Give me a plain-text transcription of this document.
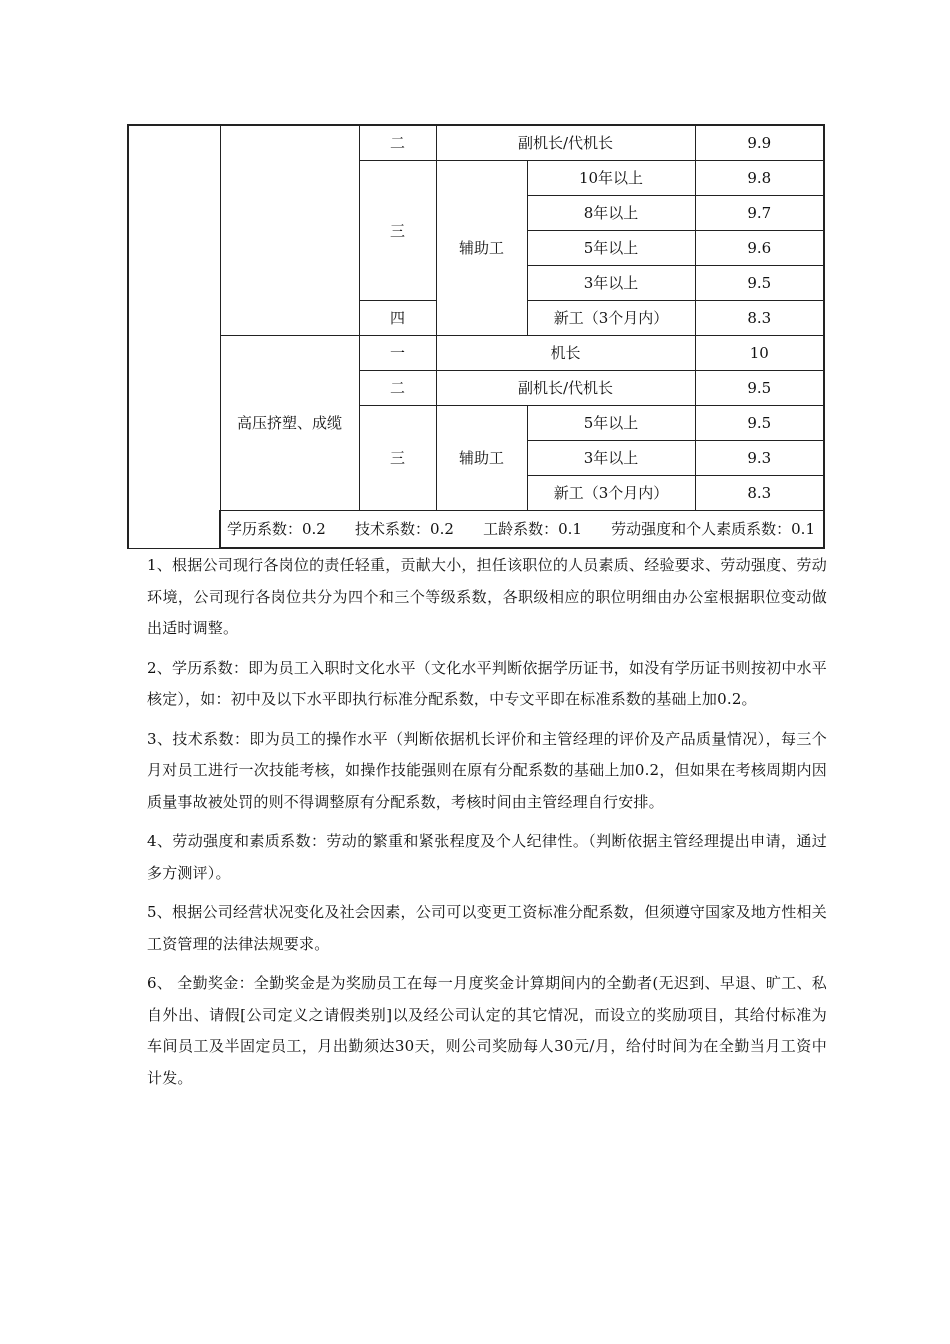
		二	副机长/代机长		9.9
		三	辅助工	10年以上	9.8
				8年以上	9.7
				5年以上	9.6
				3年以上	9.5
		四		新工（3个月内）	8.3
	高压挤塑、成缆	一	机长		10
		二	副机长/代机长		9.5
		三	辅助工	5年以上	9.5
				3年以上	9.3
				新工（3个月内）	8.3

	学历系数：0.2 技术系数：0.2 工龄系数：0.1 劳动强度和个人素质系数：0.1				

1、根据公司现行各岗位的责任轻重，贡献大小，担任该职位的人员素质、经验要求、劳动强度、劳动环境，公司现行各岗位共分为四个和三个等级系数，各职级相应的职位明细由办公室根据职位变动做出适时调整。

2、学历系数：即为员工入职时文化水平（文化水平判断依据学历证书，如没有学历证书则按初中水平核定），如：初中及以下水平即执行标准分配系数，中专文平即在标准系数的基础上加0.2。

3、技术系数：即为员工的操作水平（判断依据机长评价和主管经理的评价及产品质量情况），每三个月对员工进行一次技能考核，如操作技能强则在原有分配系数的基础上加0.2，但如果在考核周期内因质量事故被处罚的则不得调整原有分配系数，考核时间由主管经理自行安排。

4、劳动强度和素质系数：劳动的繁重和紧张程度及个人纪律性。（判断依据主管经理提出申请，通过多方测评）。

5、根据公司经营状况变化及社会因素，公司可以变更工资标准分配系数，但须遵守国家及地方性相关工资管理的法律法规要求。

6、 全勤奖金：全勤奖金是为奖励员工在每一月度奖金计算期间内的全勤者(无迟到、早退、旷工、私自外出、请假[公司定义之请假类别]以及经公司认定的其它情况，而设立的奖励项目，其给付标准为车间员工及半固定员工，月出勤须达30天，则公司奖励每人30元/月，给付时间为在全勤当月工资中计发。
